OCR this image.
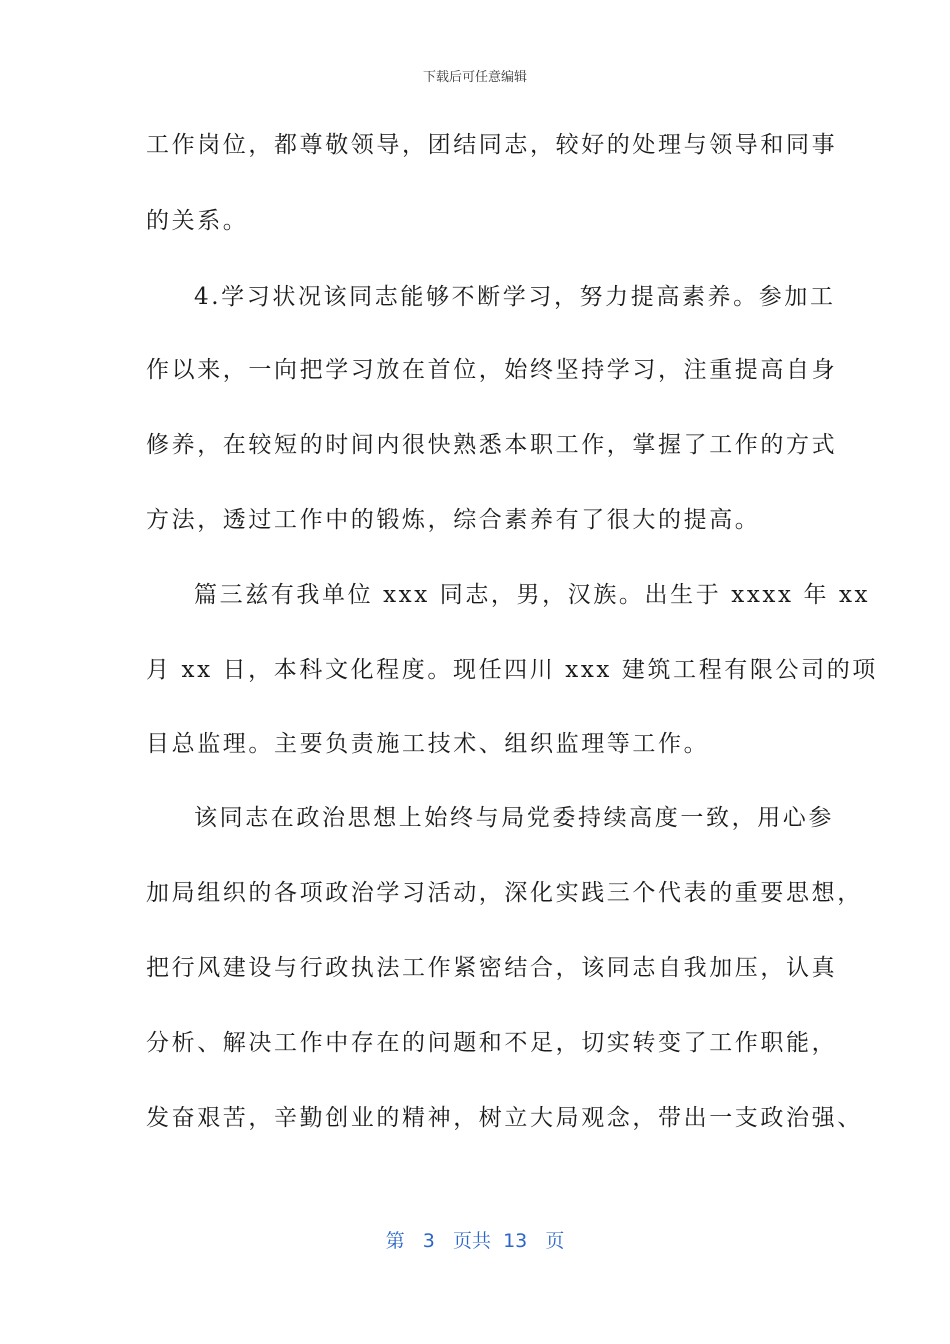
下载后可任意编辑
工作岗位，都尊敬领导，团结同志，较好的处理与领导和同事
的关系。
4.学习状况该同志能够不断学习，努力提高素养。参加工
作以来，一向把学习放在首位，始终坚持学习，注重提高自身
修养，在较短的时间内很快熟悉本职工作，掌握了工作的方式
方法，透过工作中的锻炼，综合素养有了很大的提高。
篇三兹有我单位 xxx 同志，男，汉族。出生于 xxxx 年 xx
月 xx 日，本科文化程度。现任四川 xxx 建筑工程有限公司的项
目总监理。主要负责施工技术、组织监理等工作。
该同志在政治思想上始终与局党委持续高度一致，用心参
加局组织的各项政治学习活动，深化实践三个代表的重要思想，
把行风建设与行政执法工作紧密结合，该同志自我加压，认真
分析、解决工作中存在的问题和不足，切实转变了工作职能，
发奋艰苦，辛勤创业的精神，树立大局观念，带出一支政治强、
第 3 页共 13 页
